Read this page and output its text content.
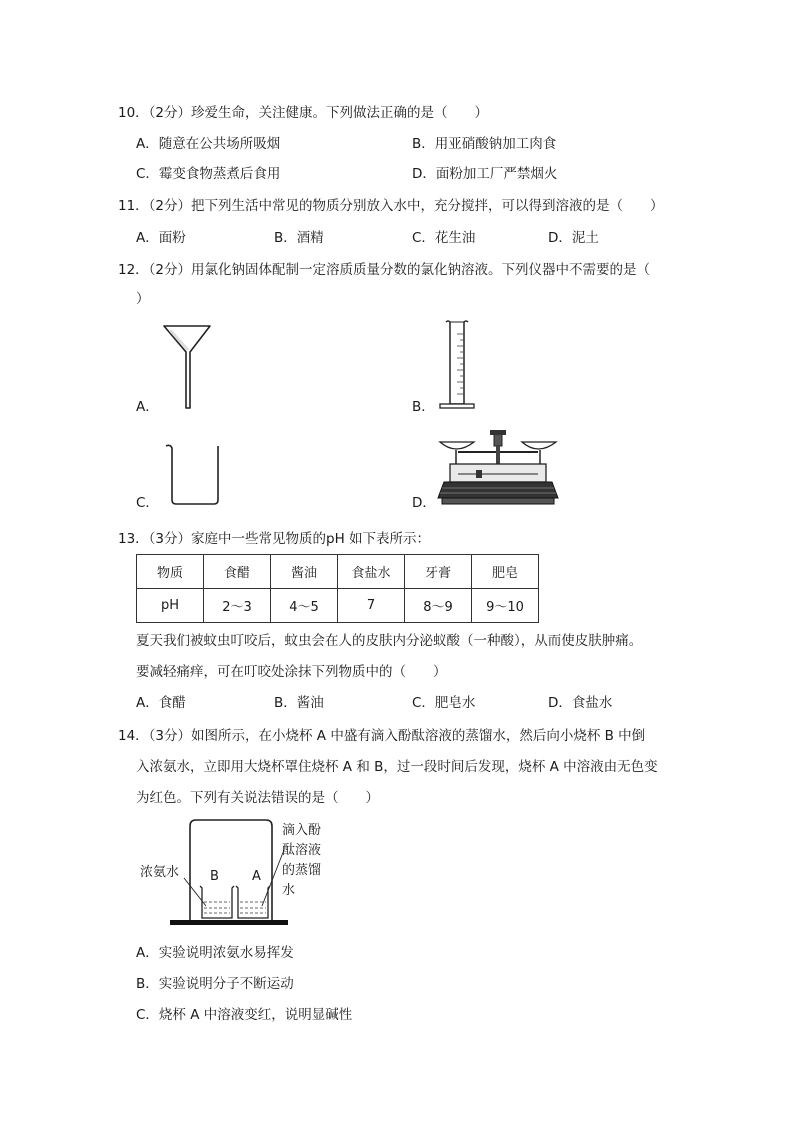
10．（2分）珍爱生命，关注健康。下列做法正确的是（　　）
A．随意在公共场所吸烟	B．用亚硝酸钠加工肉食
C．霉变食物蒸煮后食用	D．面粉加工厂严禁烟火
11．（2分）把下列生活中常见的物质分别放入水中，充分搅拌，可以得到溶液的是（　　）
A．面粉	B．酒精	C．花生油	D．泥土
12．（2分）用氯化钠固体配制一定溶质质量分数的氯化钠溶液。下列仪器中不需要的是（
）
A．	B．
C．	D．
13．（3分）家庭中一些常见物质的pH 如下表所示：
物质	食醋	酱油	食盐水	牙膏	肥皂
pH	2～3	4～5	7	8～9	9～10
夏天我们被蚊虫叮咬后，蚊虫会在人的皮肤内分泌蚁酸（一种酸），从而使皮肤肿痛。
要减轻痛痒，可在叮咬处涂抹下列物质中的（　　）
A．食醋	B．酱油	C．肥皂水	D．食盐水
14．（3分）如图所示，在小烧杯 A 中盛有滴入酚酞溶液的蒸馏水，然后向小烧杯 B 中倒
入浓氨水，立即用大烧杯罩住烧杯 A 和 B，过一段时间后发现，烧杯 A 中溶液由无色变
为红色。下列有关说法错误的是（　　）
浓氨水 B	A
滴入酚
酞溶液
的蒸馏
水
A．实验说明浓氨水易挥发
B．实验说明分子不断运动
C．烧杯 A 中溶液变红，说明显碱性
